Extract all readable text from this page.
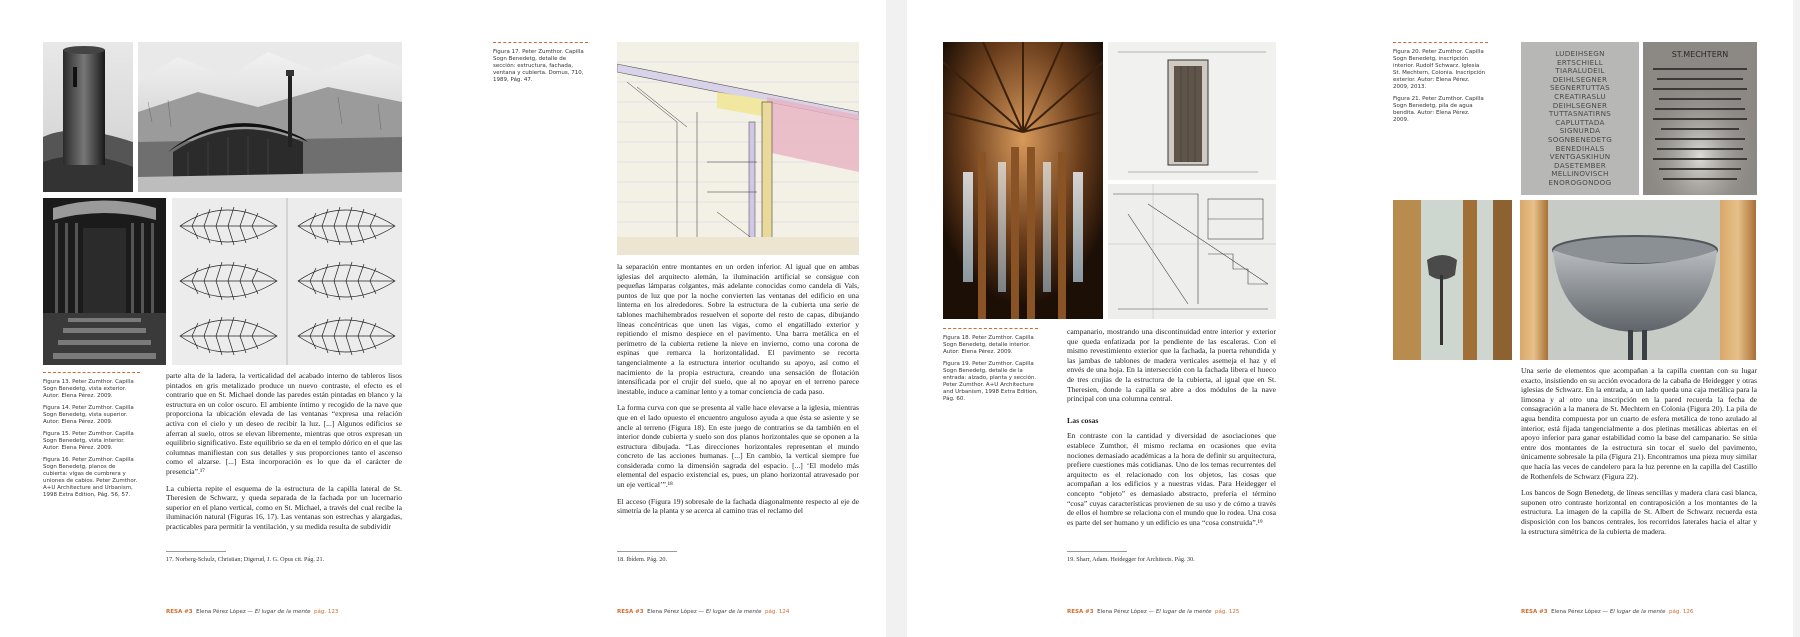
Figura 13. Peter Zumthor. Capilla Sogn Benedetg, vista exterior. Autor: Elena Pérez. 2009.

Figura 14. Peter Zumthor. Capilla Sogn Benedetg, vista superior. Autor: Elena Pérez. 2009.

Figura 15. Peter Zumthor. Capilla Sogn Benedetg, vista interior. Autor: Elena Pérez. 2009.

Figura 16. Peter Zumthor. Capilla Sogn Benedetg, planos de cubierta: vigas de cumbrera y uniones de cabios. Peter Zumthor. A+U Architecture and Urbanism, 1998 Extra Edition, Pág. 56, 57.

parte alta de la ladera, la verticalidad del acabado interno de tableros lisos pintados en gris metalizado produce un nuevo contraste, el efecto es el contrario que en St. Michael donde las paredes están pintadas en blanco y la estructura en un color oscuro. El ambiente íntimo y recogido de la nave que proporciona la ubicación elevada de las ventanas “expresa una relación activa con el cielo y un deseo de recibir la luz. [...] Algunos edificios se aferran al suelo, otros se elevan libremente, mientras que otros expresan un equilibrio significativo. Este equilibrio se da en el templo dórico en el que las columnas manifiestan con sus detalles y sus proporciones tanto el ascenso como el alzarse. [...] Esta incorporación es lo que da el carácter de presencia”.¹⁷

La cubierta repite el esquema de la estructura de la capilla lateral de St. Theresien de Schwarz, y queda separada de la fachada por un lucernario superior en el plano vertical, como en St. Michael, a través del cual recibe la iluminación natural (Figuras 16, 17). Las ventanas son estrechas y alargadas, practicables para permitir la ventilación, y su medida resulta de subdividir

17. Norberg-Schulz, Christian; Digerud, J. G. Opus cit. Pág. 21.
RESA #3 Elena Pérez López — El lugar de la mente pág. 123
Figura 17. Peter Zumthor. Capilla Sogn Benedetg, detalle de sección: estructura, fachada, ventana y cubierta. Domus, 710, 1989, Pág. 47.

la separación entre montantes en un orden inferior. Al igual que en ambas iglesias del arquitecto alemán, la iluminación artificial se consigue con pequeñas lámparas colgantes, más adelante conocidas como candela di Vals, puntos de luz que por la noche convierten las ventanas del edificio en una linterna en los alrededores. Sobre la estructura de la cubierta una serie de tablones machihembrados resuelven el soporte del resto de capas, dibujando líneas concéntricas que unen las vigas, como el engatillado exterior y repitiendo el mismo despiece en el pavimento. Una barra metálica en el perímetro de la cubierta retiene la nieve en invierno, como una corona de espinas que remarca la horizontalidad. El pavimento se recorta tangencialmente a la estructura interior ocultando su apoyo, así como el nacimiento de la propia estructura, creando una sensación de flotación intensificada por el crujir del suelo, que al no apoyar en el terreno parece inestable, induce a caminar lento y a tomar conciencia de cada paso.

La forma curva con que se presenta al valle hace elevarse a la iglesia, mientras que en el lado opuesto el encuentro anguloso ayuda a que ésta se asiente y se ancle al terreno (Figura 18). En este juego de contrarios se da también en el interior donde cubierta y suelo son dos planos horizontales que se oponen a la estructura dibujada. “Las direcciones horizontales representan el mundo concreto de las acciones humanas. [...] En cambio, la vertical siempre fue considerada como la dimensión sagrada del espacio. [...] ‘El modelo más elemental del espacio existencial es, pues, un plano horizontal atravesado por un eje vertical’”.¹⁸

El acceso (Figura 19) sobresale de la fachada diagonalmente respecto al eje de simetría de la planta y se acerca al camino tras el reclamo del

18. Ibídem. Pág. 20.
RESA #3 Elena Pérez López — El lugar de la mente pág. 124

Figura 18. Peter Zumthor. Capilla Sogn Benedetg, detalle interior. Autor: Elena Pérez. 2009.

Figura 19. Peter Zumthor. Capilla Sogn Benedetg, detalle de la entrada: alzado, planta y sección. Peter Zumthor. A+U Architecture and Urbanism, 1998 Extra Edition, Pág. 60.

campanario, mostrando una discontinuidad entre interior y exterior que queda enfatizada por la pendiente de las escaleras. Con el mismo revestimiento exterior que la fachada, la puerta rehundida y las jambas de tablones de madera verticales asemeja el haz y el envés de una hoja. En la intersección con la fachada libera el hueco de tres crujías de la estructura de la cubierta, al igual que en St. Theresien, donde la capilla se abre a dos módulos de la nave principal con una columna central.

Las cosas

En contraste con la cantidad y diversidad de asociaciones que establece Zumthor, él mismo reclama en ocasiones que evita nociones demasiado académicas a la hora de definir su arquitectura, prefiere cuestiones más cotidianas. Uno de los temas recurrentes del arquitecto es el relacionado con los objetos, las cosas que acompañan a los edificios y a nuestras vidas. Para Heidegger el concepto “objeto” es demasiado abstracto, prefería el término “cosa” cuyas características provienen de su uso y de cómo a través de ellos el hombre se relaciona con el mundo que lo rodea. Una cosa es parte del ser humano y un edificio es una “cosa construida”.¹⁹

19. Sharr, Adam. Heidegger for Architects. Pág. 30.
RESA #3 Elena Pérez López — El lugar de la mente pág. 125

Figura 20. Peter Zumthor. Capilla Sogn Benedetg, inscripción interior. Rudolf Schwarz. Iglesia St. Mechtern, Colonia. Inscripción exterior. Autor: Elena Pérez. 2009, 2013.

Figura 21. Peter Zumthor. Capilla Sogn Benedetg, pila de agua bendita. Autor: Elena Pérez. 2009.

LUDEIHSEGN
ERTSCHIELL
TIARALUDEIL
DEIHLSEGNER
SEGNERTUTTAS
CREATIRASLU
DEIHLSEGNER
TUTTASNATIRNS
CAPLUTTADA
SIGNURDA
SOGNBENEDETG
BENEDIHALS
VENTGASKIHUN
DASETEMBER
MELLINOVISCH
ENOROGONDOG

Una serie de elementos que acompañan a la capilla cuentan con su lugar exacto, insistiendo en su acción evocadora de la cabaña de Heidegger y otras iglesias de Schwarz. En la entrada, a un lado queda una caja metálica para la limosna y al otro una inscripción en la pared recuerda la fecha de consagración a la manera de St. Mechtern en Colonia (Figura 20). La pila de agua bendita compuesta por un cuarto de esfera metálica de tono azulado al interior, está fijada tangencialmente a dos pletinas metálicas abiertas en el apoyo inferior para ganar estabilidad como la base del campanario. Se sitúa entre dos montantes de la estructura sin tocar el suelo del pavimento, únicamente sobresale la pila (Figura 21). Encontramos una pieza muy similar que hacía las veces de candelero para la luz perenne en la capilla del Castillo de Rothenfels de Schwarz (Figura 22).

Los bancos de Sogn Benedetg, de líneas sencillas y madera clara casi blanca, suponen otro contraste horizontal en contraposición a los montantes de la estructura. La imagen de la capilla de St. Albert de Schwarz recuerda esta disposición con los bancos centrales, los recorridos laterales hacia el altar y la estructura simétrica de la cubierta de madera.

RESA #3 Elena Pérez López — El lugar de la mente pág. 126
